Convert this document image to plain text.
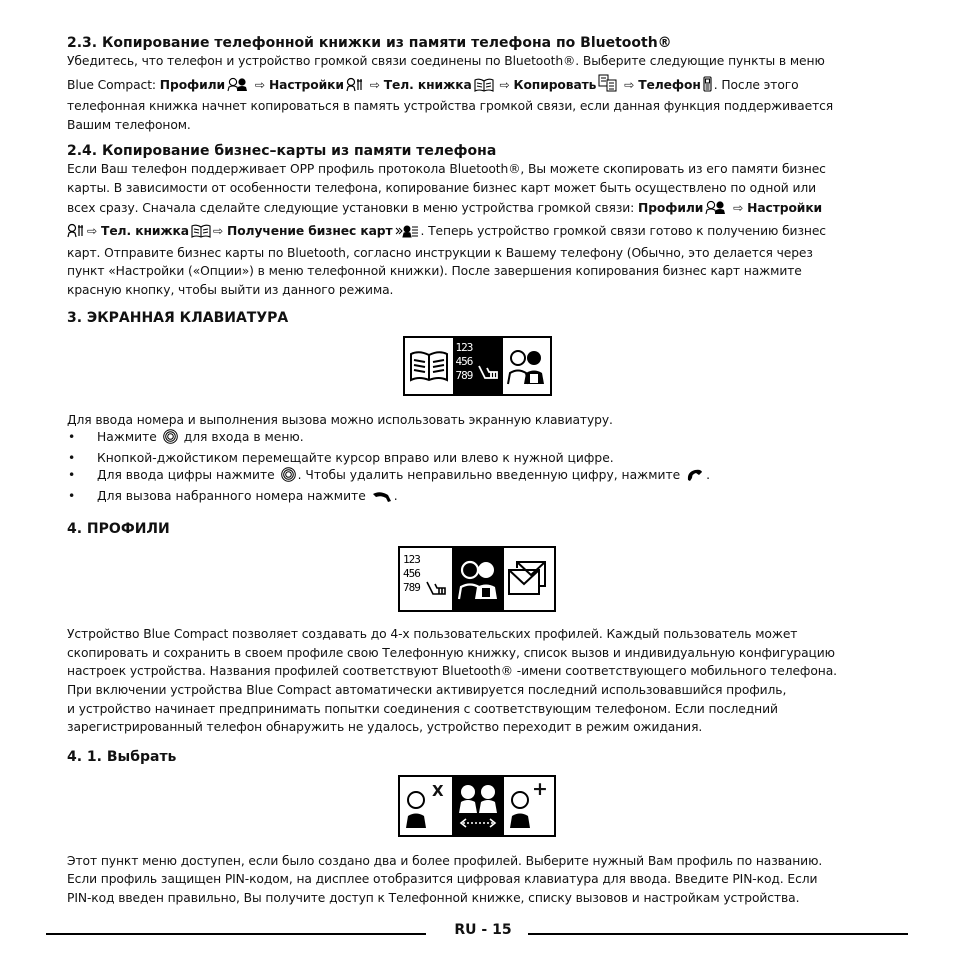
2.3. Копирование телефонной книжки из памяти телефона по Bluetooth®

Убедитесь, что телефон и устройство громкой связи соединены по Bluetooth®. Выберите следующие пункты в меню

Blue Compact: Профили ⇨ Настройки ⇨ Тел. книжка ⇨ Копировать ⇨ Телефон . После этого

телефонная книжка начнет копироваться в память устройства громкой связи, если данная функция поддерживается

Вашим телефоном.

2.4. Копирование бизнес–карты из памяти телефона

Если Ваш телефон поддерживает OPP профиль протокола Bluetooth®, Вы можете скопировать из его памяти бизнес

карты. В зависимости от особенности телефона, копирование бизнес карт может быть осуществлено по одной или

всех сразу. Сначала сделайте следующие установки в меню устройства громкой связи: Профили ⇨ Настройки

⇨ Тел. книжка ⇨ Получение бизнес карт . Теперь устройство громкой связи готово к получению бизнес

карт. Отправите бизнес карты по Bluetooth, согласно инструкции к Вашему телефону (Обычно, это делается через

пункт «Настройки («Опции») в меню телефонной книжки). После завершения копирования бизнес карт нажмите

красную кнопку, чтобы выйти из данного режима.

3. ЭКРАННАЯ КЛАВИАТУРА

123
456
789

Для ввода номера и выполнения вызова можно использовать экранную клавиатуру.

• Нажмите  для входа в меню.
• Кнопкой-джойстиком перемещайте курсор вправо или влево к нужной цифре.
• Для ввода цифры нажмите . Чтобы удалить неправильно введенную цифру, нажмите .
• Для вызова набранного номера нажмите .

4. ПРОФИЛИ

123
456
789

Устройство Blue Compact позволяет создавать до 4-х пользовательских профилей. Каждый пользователь может

скопировать и сохранить в своем профиле свою Телефонную книжку, список вызов и индивидуальную конфигурацию

настроек устройства. Названия профилей соответствуют Bluetooth® -имени соответствующего мобильного телефона.

При включении устройства Blue Compact автоматически активируется последний использовавшийся профиль,

и устройство начинает предпринимать попытки соединения с соответствующим телефоном. Если последний

зарегистрированный телефон обнаружить не удалось, устройство переходит в режим ожидания.

4. 1. Выбрать

X	+

Этот пункт меню доступен, если было создано два и более профилей. Выберите нужный Вам профиль по названию.

Если профиль защищен PIN-кодом, на дисплее отобразится цифровая клавиатура для ввода. Введите PIN-код. Если

PIN-код введен правильно, Вы получите доступ к Телефонной книжке, списку вызовов и настройкам устройства.

RU - 15
